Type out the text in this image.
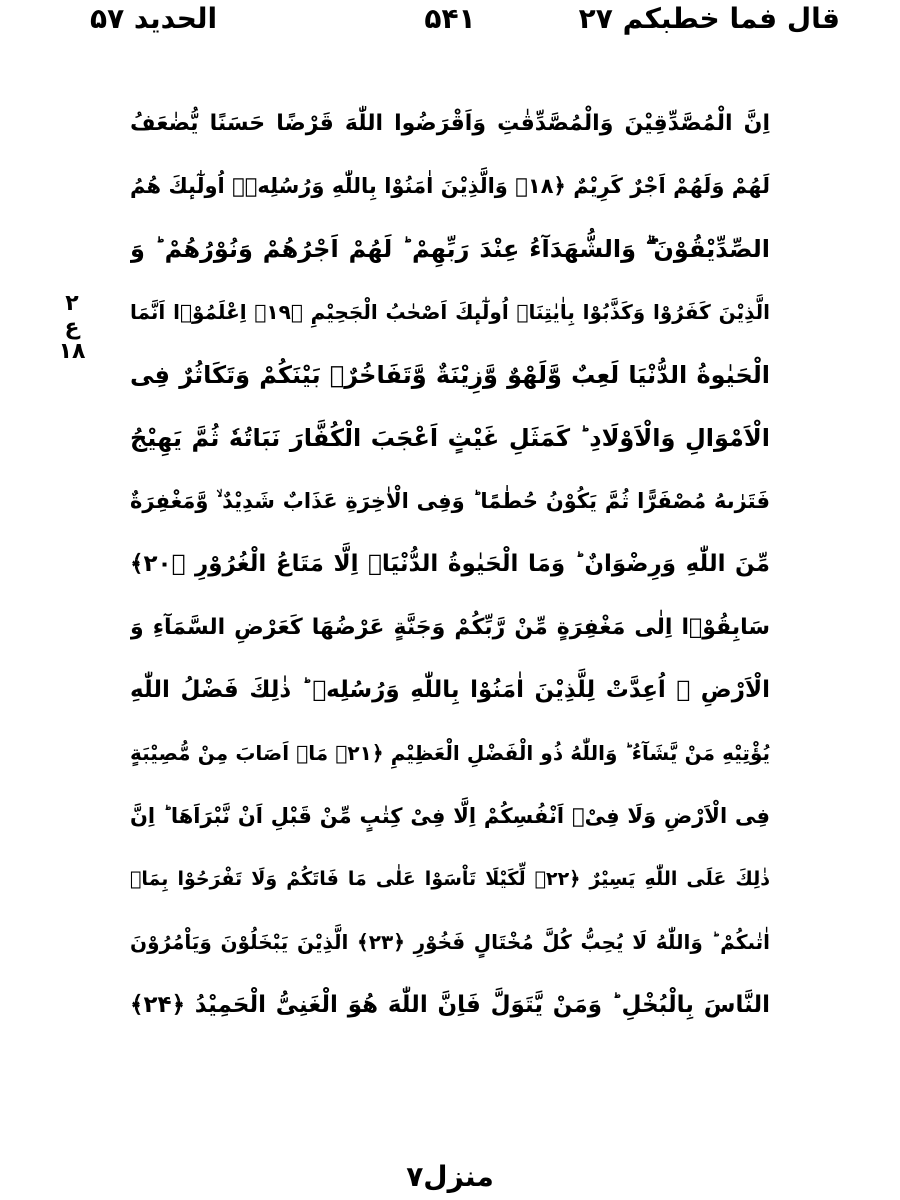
قال فما خطبکم ۲۷
۵۴۱
الحدید ۵۷
۲
ع
۱۸
اِنَّ الْمُصَّدِّقِیْنَ وَالْمُصَّدِّقٰتِ وَاَقْرَضُوا اللّٰهَ قَرْضًا حَسَنًا یُّضٰعَفُ
لَهُمْ وَلَهُمْ اَجْرٌ كَرِیْمٌ ﴿۱۸﴾ وَالَّذِیْنَ اٰمَنُوْا بِاللّٰهِ وَرُسُلِهٖۤ اُولٰٓىٕكَ هُمُ
الصِّدِّیْقُوْنَ ۖۗ وَالشُّهَدَآءُ عِنْدَ رَبِّهِمْ ؕ لَهُمْ اَجْرُهُمْ وَنُوْرُهُمْ ؕ وَ
الَّذِیْنَ كَفَرُوْا وَكَذَّبُوْا بِاٰیٰتِنَاۤ اُولٰٓىٕكَ اَصْحٰبُ الْجَحِیْمِ ﴿۱۹﴾ اِعْلَمُوْۤا اَنَّمَا
الْحَیٰوةُ الدُّنْیَا لَعِبٌ وَّلَهْوٌ وَّزِیْنَةٌ وَّتَفَاخُرٌۢ بَیْنَكُمْ وَتَكَاثُرٌ فِی
الْاَمْوَالِ وَالْاَوْلَادِ ؕ كَمَثَلِ غَیْثٍ اَعْجَبَ الْكُفَّارَ نَبَاتُهٗ ثُمَّ یَهِیْجُ
فَتَرٰىهُ مُصْفَرًّا ثُمَّ یَكُوْنُ حُطٰمًا ؕ وَفِی الْاٰخِرَةِ عَذَابٌ شَدِیْدٌ ۙ وَّمَغْفِرَةٌ
مِّنَ اللّٰهِ وَرِضْوَانٌ ؕ وَمَا الْحَیٰوةُ الدُّنْیَاۤ اِلَّا مَتَاعُ الْغُرُوْرِ ﴿۲۰﴾
سَابِقُوْۤا اِلٰى مَغْفِرَةٍ مِّنْ رَّبِّكُمْ وَجَنَّةٍ عَرْضُهَا كَعَرْضِ السَّمَآءِ وَ
الْاَرْضِ ۙ اُعِدَّتْ لِلَّذِیْنَ اٰمَنُوْا بِاللّٰهِ وَرُسُلِهٖ ؕ ذٰلِكَ فَضْلُ اللّٰهِ
یُؤْتِیْهِ مَنْ یَّشَآءُ ؕ وَاللّٰهُ ذُو الْفَضْلِ الْعَظِیْمِ ﴿۲۱﴾ مَاۤ اَصَابَ مِنْ مُّصِیْبَةٍ
فِی الْاَرْضِ وَلَا فِیْۤ اَنْفُسِكُمْ اِلَّا فِیْ كِتٰبٍ مِّنْ قَبْلِ اَنْ نَّبْرَاَهَا ؕ اِنَّ
ذٰلِكَ عَلَى اللّٰهِ یَسِیْرٌ ﴿۲۲﴾ لِّكَیْلَا تَاْسَوْا عَلٰى مَا فَاتَكُمْ وَلَا تَفْرَحُوْا بِمَاۤ
اٰتٰىكُمْ ؕ وَاللّٰهُ لَا یُحِبُّ كُلَّ مُخْتَالٍ فَخُوْرِ ﴿۲۳﴾ الَّذِیْنَ یَبْخَلُوْنَ وَیَاْمُرُوْنَ
النَّاسَ بِالْبُخْلِ ؕ وَمَنْ یَّتَوَلَّ فَاِنَّ اللّٰهَ هُوَ الْغَنِیُّ الْحَمِیْدُ ﴿۲۴﴾
منزل۷
